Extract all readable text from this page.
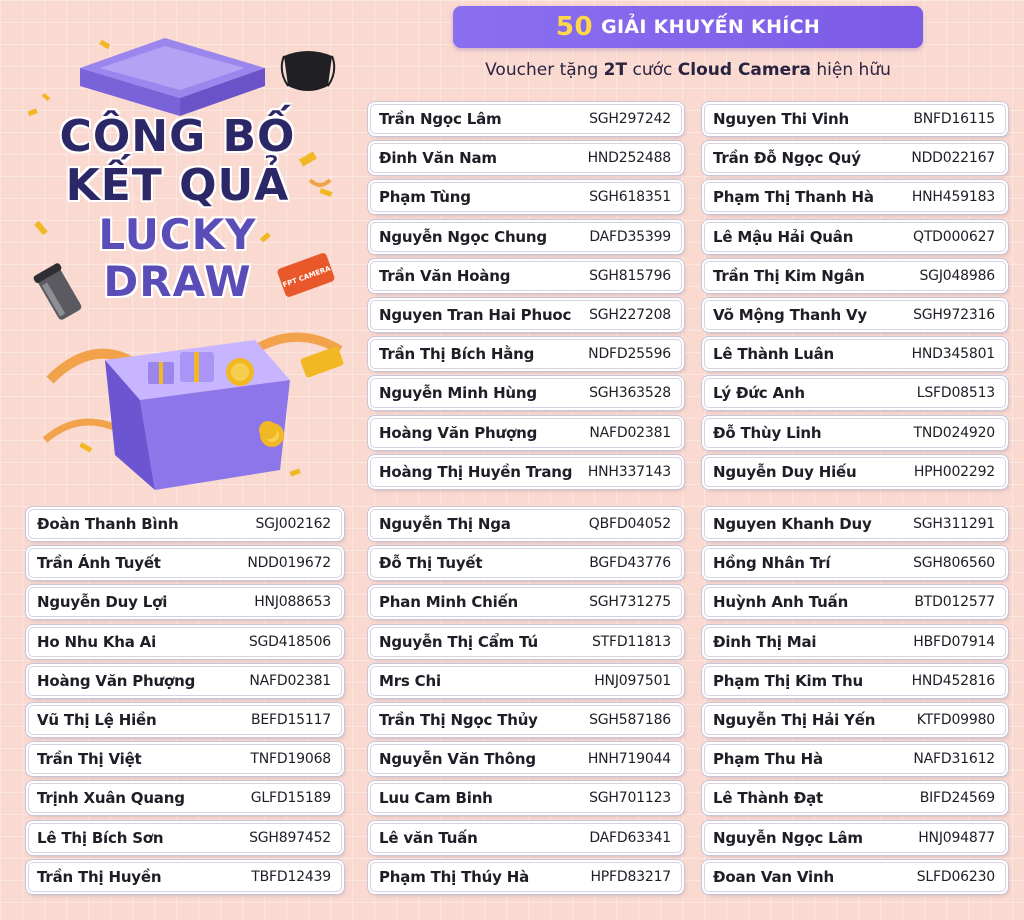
50 GIẢI KHUYẾN KHÍCH
Voucher tặng 2T cước Cloud Camera hiện hữu
CÔNG BỐ
KẾT QUẢ
LUCKY
DRAW	FPT CAMERA
Trần Ngọc Lâm	SGH297242
Đinh Văn Nam	HND252488
Phạm Tùng	SGH618351
Nguyễn Ngọc Chung	DAFD35399
Trần Văn Hoàng	SGH815796
Nguyen Tran Hai Phuoc SGH227208
Trần Thị Bích Hằng	NDFD25596
Nguyễn Minh Hùng	SGH363528
Hoàng Văn Phượng	NAFD02381
Hoàng Thị Huyền Trang HNH337143
Nguyen Thi Vinh	BNFD16115
Trần Đỗ Ngọc Quý	NDD022167
Phạm Thị Thanh Hà	HNH459183
Lê Mậu Hải Quân	QTD000627
Trần Thị Kim Ngân	SGJ048986
Võ Mộng Thanh Vy	SGH972316
Lê Thành Luân	HND345801
Lý Đức Anh	LSFD08513
Đỗ Thùy Linh	TND024920
Nguyễn Duy Hiếu	HPH002292
Đoàn Thanh Bình	SGJ002162
Trần Ánh Tuyết	NDD019672
Nguyễn Duy Lợi	HNJ088653
Ho Nhu Kha Ai	SGD418506
Hoàng Văn Phượng	NAFD02381
Vũ Thị Lệ Hiền	BEFD15117
Trần Thị Việt	TNFD19068
Trịnh Xuân Quang	GLFD15189
Lê Thị Bích Sơn	SGH897452
Trần Thị Huyền	TBFD12439
Nguyễn Thị Nga	QBFD04052
Đỗ Thị Tuyết	BGFD43776
Phan Minh Chiến	SGH731275
Nguyễn Thị Cẩm Tú	STFD11813
Mrs Chi	HNJ097501
Trần Thị Ngọc Thủy	SGH587186
Nguyễn Văn Thông	HNH719044
Luu Cam Binh	SGH701123
Lê văn Tuấn	DAFD63341
Phạm Thị Thúy Hà	HPFD83217
Nguyen Khanh Duy	SGH311291
Hồng Nhân Trí	SGH806560
Huỳnh Anh Tuấn	BTD012577
Đinh Thị Mai	HBFD07914
Phạm Thị Kim Thu	HND452816
Nguyễn Thị Hải Yến	KTFD09980
Phạm Thu Hà	NAFD31612
Lê Thành Đạt	BIFD24569
Nguyễn Ngọc Lâm	HNJ094877
Đoan Van Vinh	SLFD06230
